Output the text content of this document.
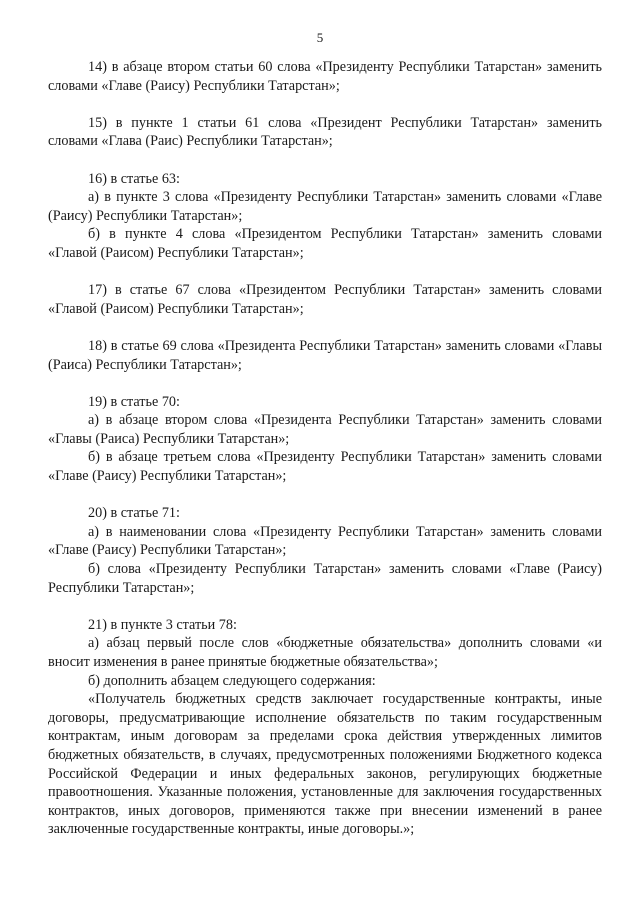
5

14) в абзаце втором статьи 60 слова «Президенту Республики Татарстан» заменить словами «Главе (Раису) Республики Татарстан»;

15) в пункте 1 статьи 61 слова «Президент Республики Татарстан» заменить словами «Глава (Раис) Республики Татарстан»;

16) в статье 63:

а) в пункте 3 слова «Президенту Республики Татарстан» заменить словами «Главе (Раису) Республики Татарстан»;

б) в пункте 4 слова «Президентом Республики Татарстан» заменить словами «Главой (Раисом) Республики Татарстан»;

17) в статье 67 слова «Президентом Республики Татарстан» заменить словами «Главой (Раисом) Республики Татарстан»;

18) в статье 69 слова «Президента Республики Татарстан» заменить словами «Главы (Раиса) Республики Татарстан»;

19) в статье 70:

а) в абзаце втором слова «Президента Республики Татарстан» заменить словами «Главы (Раиса) Республики Татарстан»;

б) в абзаце третьем слова «Президенту Республики Татарстан» заменить словами «Главе (Раису) Республики Татарстан»;

20) в статье 71:

а) в наименовании слова «Президенту Республики Татарстан» заменить словами «Главе (Раису) Республики Татарстан»;

б) слова «Президенту Республики Татарстан» заменить словами «Главе (Раису) Республики Татарстан»;

21) в пункте 3 статьи 78:

а) абзац первый после слов «бюджетные обязательства» дополнить словами «и вносит изменения в ранее принятые бюджетные обязательства»;

б) дополнить абзацем следующего содержания:

«Получатель бюджетных средств заключает государственные контракты, иные договоры, предусматривающие исполнение обязательств по таким государственным контрактам, иным договорам за пределами срока действия утвержденных лимитов бюджетных обязательств, в случаях, предусмотренных положениями Бюджетного кодекса Российской Федерации и иных федеральных законов, регулирующих бюджетные правоотношения. Указанные положения, установленные для заключения государственных контрактов, иных договоров, применяются также при внесении изменений в ранее заключенные государственные контракты, иные договоры.»;
